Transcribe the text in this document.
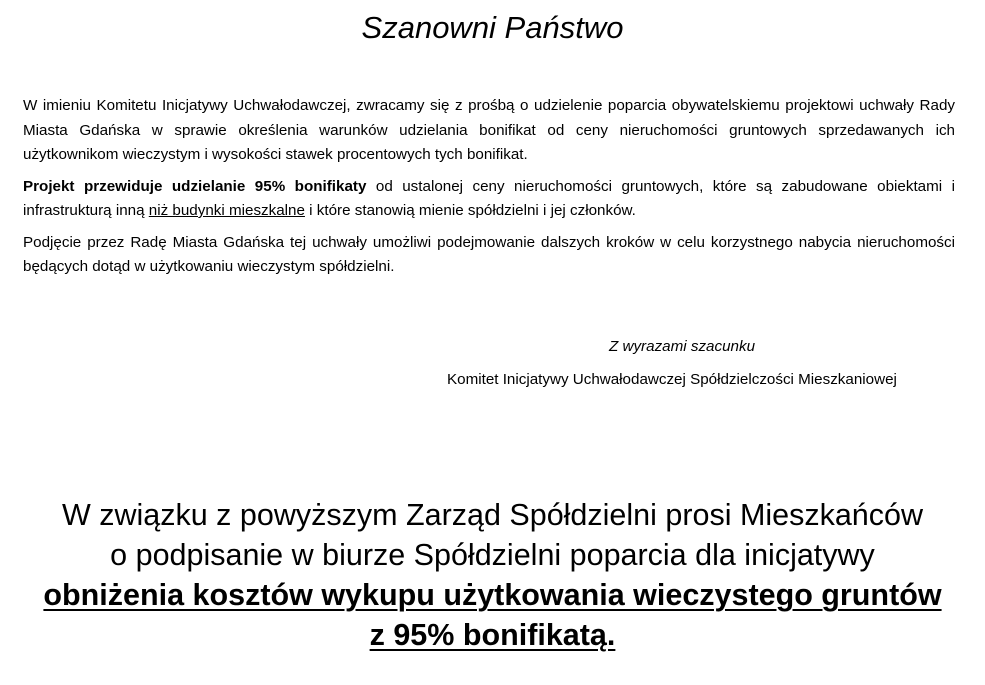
Szanowni Państwo

W imieniu Komitetu Inicjatywy Uchwałodawczej, zwracamy się z prośbą o udzielenie poparcia obywatelskiemu projektowi uchwały Rady Miasta Gdańska w sprawie określenia warunków udzielania bonifikat od ceny nieruchomości gruntowych sprzedawanych ich użytkownikom wieczystym i wysokości stawek procentowych tych bonifikat.

Projekt przewiduje udzielanie 95% bonifikaty od ustalonej ceny nieruchomości gruntowych, które są zabudowane obiektami i infrastrukturą inną niż budynki mieszkalne i które stanowią mienie spółdzielni i jej członków.

Podjęcie przez Radę Miasta Gdańska tej uchwały umożliwi podejmowanie dalszych kroków w celu korzystnego nabycia nieruchomości będących dotąd w użytkowaniu wieczystym spółdzielni.

Z wyrazami szacunku
Komitet Inicjatywy Uchwałodawczej Spółdzielczości Mieszkaniowej
W związku z powyższym Zarząd Spółdzielni prosi Mieszkańców
o podpisanie w biurze Spółdzielni poparcia dla inicjatywy
obniżenia kosztów wykupu użytkowania wieczystego gruntów
z 95% bonifikatą.
